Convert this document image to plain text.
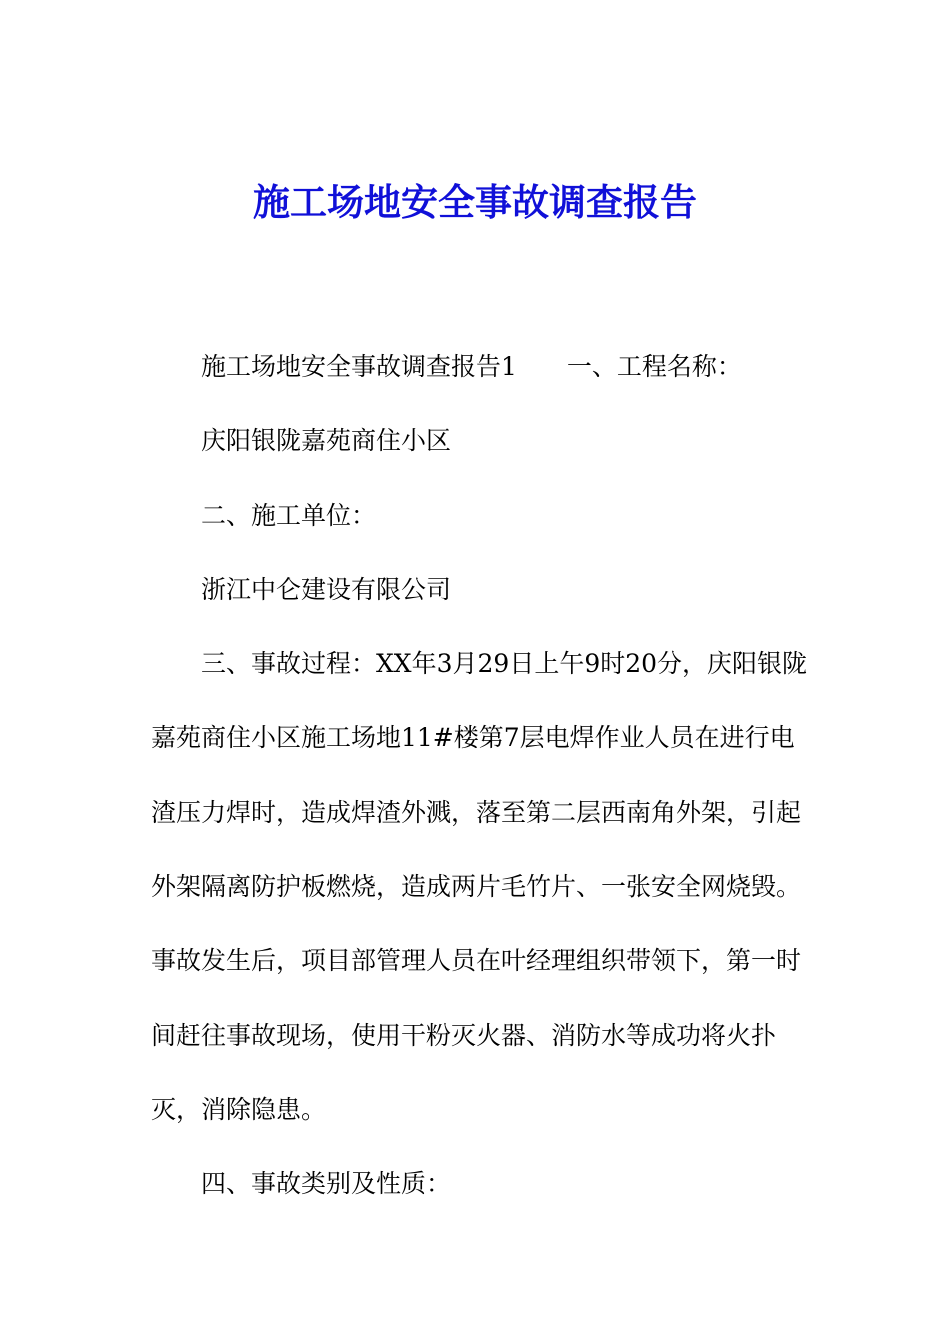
施工场地安全事故调查报告

施工场地安全事故调查报告1　　一、工程名称：

庆阳银陇嘉苑商住小区

二、施工单位：

浙江中仑建设有限公司

三、事故过程：XX年3月29日上午9时20分，庆阳银陇嘉苑商住小区施工场地11#楼第7层电焊作业人员在进行电渣压力焊时，造成焊渣外溅，落至第二层西南角外架，引起外架隔离防护板燃烧，造成两片毛竹片、一张安全网烧毁。事故发生后，项目部管理人员在叶经理组织带领下，第一时间赶往事故现场，使用干粉灭火器、消防水等成功将火扑灭，消除隐患。

四、事故类别及性质：
